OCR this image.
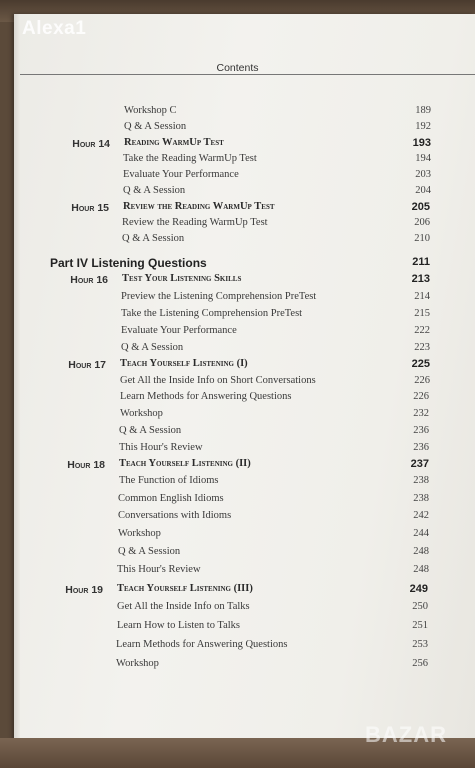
Alexa1
Contents
Workshop C	189
Q & A Session	192
Hour 14 Reading WarmUp Test	193
Take the Reading WarmUp Test	194
Evaluate Your Performance	203
Q & A Session	204
Hour 15 Review the Reading WarmUp Test	205
Review the Reading WarmUp Test	206
Q & A Session	210
Part IV Listening Questions	211
Hour 16 Test Your Listening Skills	213
Preview the Listening Comprehension PreTest	214
Take the Listening Comprehension PreTest	215
Evaluate Your Performance	222
Q & A Session	223
Hour 17 Teach Yourself Listening (I)	225
Get All the Inside Info on Short Conversations	226
Learn Methods for Answering Questions	226
Workshop	232
Q & A Session	236
This Hour's Review	236
Hour 18 Teach Yourself Listening (II)	237
The Function of Idioms	238
Common English Idioms	238
Conversations with Idioms	242
Workshop	244
Q & A Session	248
This Hour's Review	248
Hour 19 Teach Yourself Listening (III)	249
Get All the Inside Info on Talks	250
Learn How to Listen to Talks	251
Learn Methods for Answering Questions	253
Workshop	256
BAZAR
